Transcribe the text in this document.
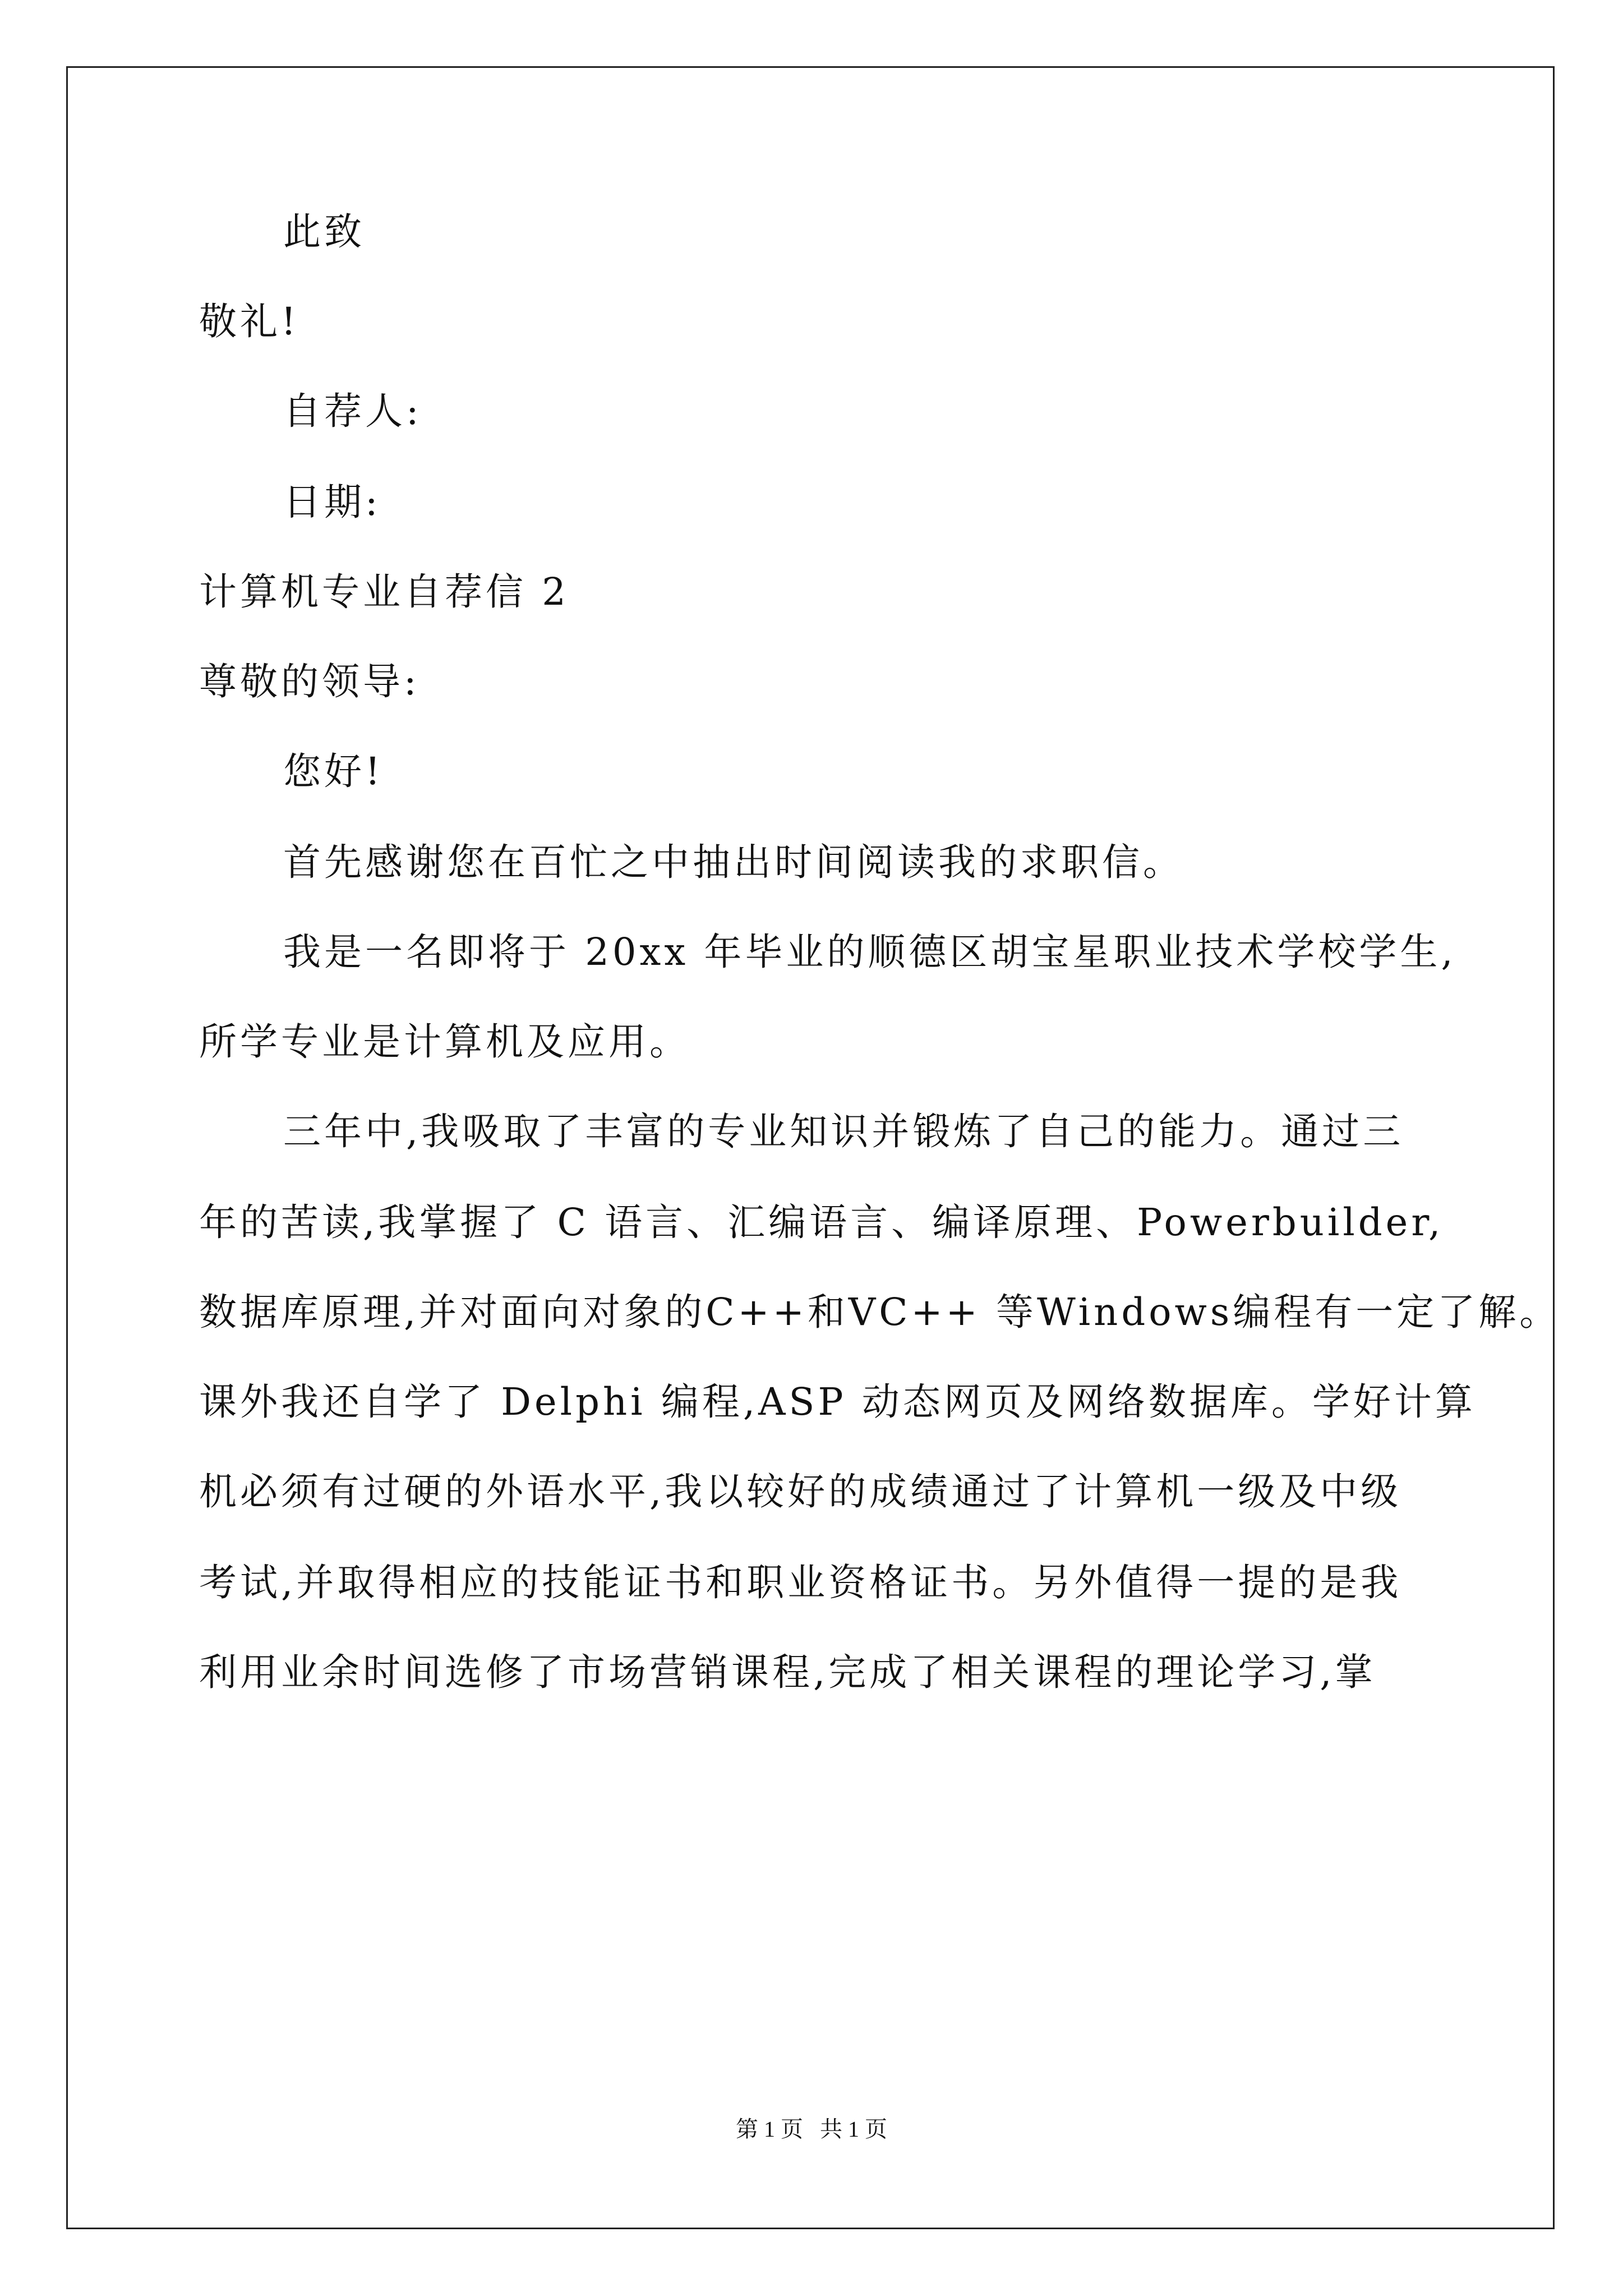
此致
敬礼!
自荐人:
日期:
计算机专业自荐信 2
尊敬的领导:
您好!
首先感谢您在百忙之中抽出时间阅读我的求职信。
我是一名即将于 20xx 年毕业的顺德区胡宝星职业技术学校学生,
所学专业是计算机及应用。
三年中,我吸取了丰富的专业知识并锻炼了自己的能力。通过三
年的苦读,我掌握了 C 语言、汇编语言、编译原理、Powerbuilder,
数据库原理,并对面向对象的C++和VC++ 等Windows编程有一定了解。
课外我还自学了 Delphi 编程,ASP 动态网页及网络数据库。学好计算
机必须有过硬的外语水平,我以较好的成绩通过了计算机一级及中级
考试,并取得相应的技能证书和职业资格证书。另外值得一提的是我
利用业余时间选修了市场营销课程,完成了相关课程的理论学习,掌
第 1 页 共 1 页
